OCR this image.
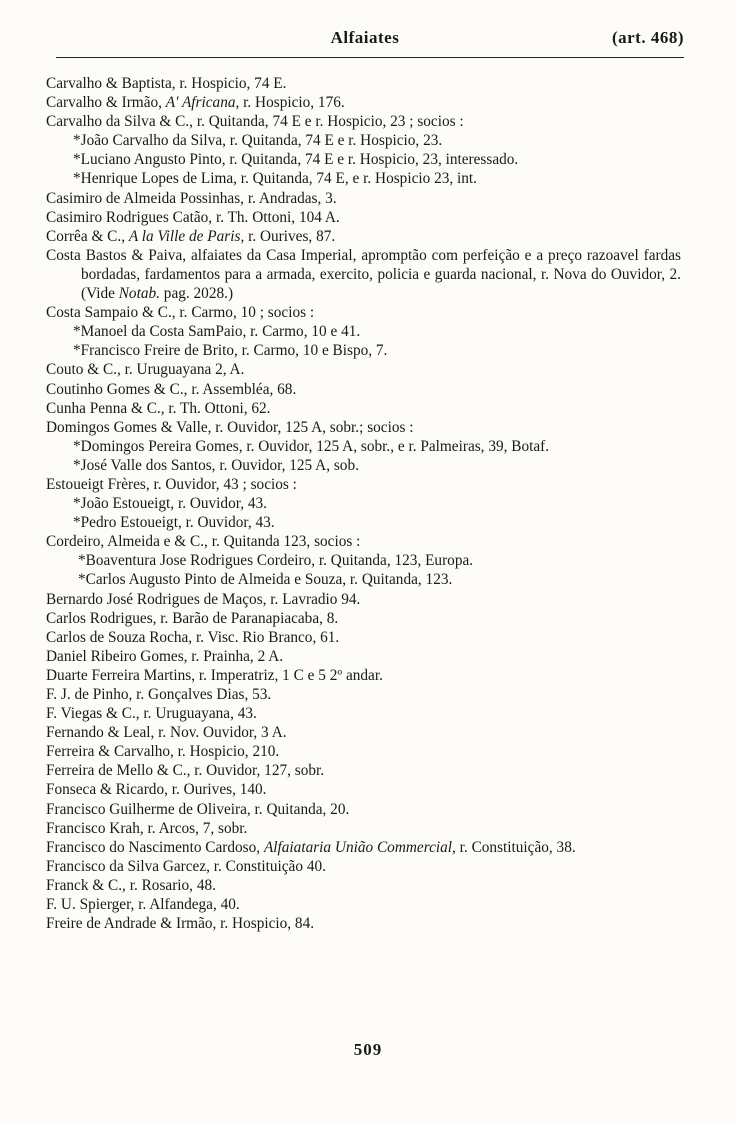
Alfaiates	(art. 468)

Carvalho & Baptista, r. Hospicio, 74 E.

Carvalho & Irmão, A' Africana, r. Hospicio, 176.

Carvalho da Silva & C., r. Quitanda, 74 E e r. Hospicio, 23 ; socios :

*João Carvalho da Silva, r. Quitanda, 74 E e r. Hospicio, 23.

*Luciano Angusto Pinto, r. Quitanda, 74 E e r. Hospicio, 23, interessado.

*Henrique Lopes de Lima, r. Quitanda, 74 E, e r. Hospicio 23, int.

Casimiro de Almeida Possinhas, r. Andradas, 3.

Casimiro Rodrigues Catão, r. Th. Ottoni, 104 A.

Corrêa & C., A la Ville de Paris, r. Ourives, 87.

Costa Bastos & Paiva, alfaiates da Casa Imperial, apromptão com perfeição e a preço razoavel fardas bordadas, fardamentos para a armada, exercito, policia e guarda nacional, r. Nova do Ouvidor, 2. (Vide Notab. pag. 2028.)

Costa Sampaio & C., r. Carmo, 10 ; socios :

*Manoel da Costa SamPaio, r. Carmo, 10 e 41.

*Francisco Freire de Brito, r. Carmo, 10 e Bispo, 7.

Couto & C., r. Uruguayana 2, A.

Coutinho Gomes & C., r. Assembléa, 68.

Cunha Penna & C., r. Th. Ottoni, 62.

Domingos Gomes & Valle, r. Ouvidor, 125 A, sobr.; socios :

*Domingos Pereira Gomes, r. Ouvidor, 125 A, sobr., e r. Palmeiras, 39, Botaf.

*José Valle dos Santos, r. Ouvidor, 125 A, sob.

Estoueigt Frères, r. Ouvidor, 43 ; socios :

*João Estoueigt, r. Ouvidor, 43.

*Pedro Estoueigt, r. Ouvidor, 43.

Cordeiro, Almeida e & C., r. Quitanda 123, socios :

*Boaventura Jose Rodrigues Cordeiro, r. Quitanda, 123, Europa.

*Carlos Augusto Pinto de Almeida e Souza, r. Quitanda, 123.

Bernardo José Rodrigues de Maços, r. Lavradio 94.

Carlos Rodrigues, r. Barão de Paranapiacaba, 8.

Carlos de Souza Rocha, r. Visc. Rio Branco, 61.

Daniel Ribeiro Gomes, r. Prainha, 2 A.

Duarte Ferreira Martins, r. Imperatriz, 1 C e 5 2º andar.

F. J. de Pinho, r. Gonçalves Dias, 53.

F. Viegas & C., r. Uruguayana, 43.

Fernando & Leal, r. Nov. Ouvidor, 3 A.

Ferreira & Carvalho, r. Hospicio, 210.

Ferreira de Mello & C., r. Ouvidor, 127, sobr.

Fonseca & Ricardo, r. Ourives, 140.

Francisco Guilherme de Oliveira, r. Quitanda, 20.

Francisco Krah, r. Arcos, 7, sobr.

Francisco do Nascimento Cardoso, Alfaiataria União Commercial, r. Constituição, 38.

Francisco da Silva Garcez, r. Constituição 40.

Franck & C., r. Rosario, 48.

F. U. Spierger, r. Alfandega, 40.

Freire de Andrade & Irmão, r. Hospicio, 84.

509
